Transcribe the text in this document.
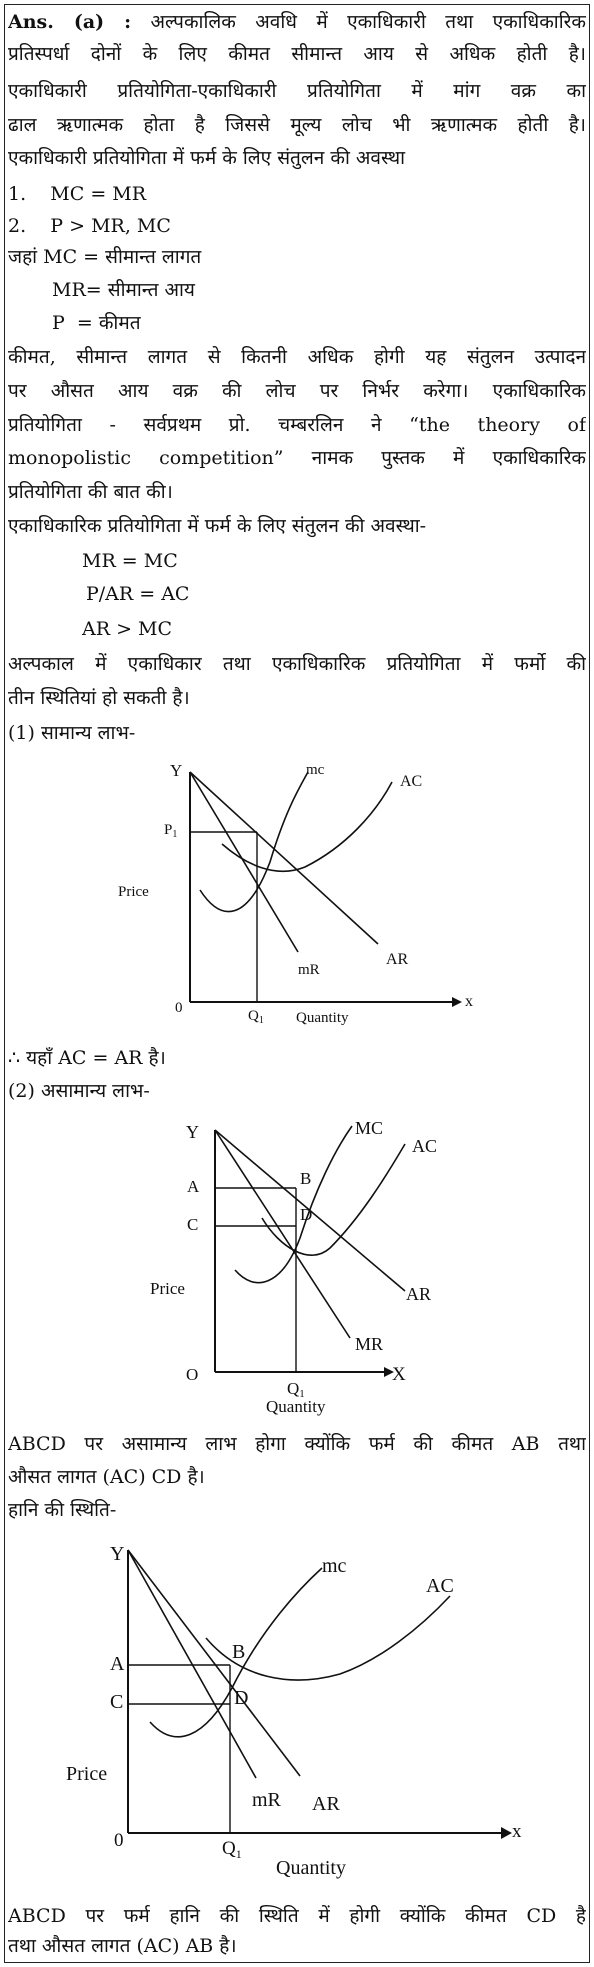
Ans. (a) : अल्पकालिक अवधि में एकाधिकारी तथा एकाधिकारिक
प्रतिस्पर्धा दोनों के लिए कीमत सीमान्त आय से अधिक होती है।
एकाधिकारी प्रतियोगिता-एकाधिकारी प्रतियोगिता में मांग वक्र का
ढाल ऋणात्मक होता है जिससे मूल्य लोच भी ऋणात्मक होती है।
एकाधिकारी प्रतियोगिता में फर्म के लिए संतुलन की अवस्था
1.    MC = MR
2.    P > MR, MC
जहां MC = सीमान्त लागत
MR= सीमान्त आय
P  = कीमत
कीमत, सीमान्त लागत से कितनी अधिक होगी यह संतुलन उत्पादन
पर औसत आय वक्र की लोच पर निर्भर करेगा। एकाधिकारिक
प्रतियोगिता - सर्वप्रथम प्रो. चम्बरलिन ने “the theory of
monopolistic competition” नामक पुस्तक में एकाधिकारिक
प्रतियोगिता की बात की।
एकाधिकारिक प्रतियोगिता में फर्म के लिए संतुलन की अवस्था-
MR = MC
P/AR = AC
AR > MC
अल्पकाल में एकाधिकार तथा एकाधिकारिक प्रतियोगिता में फर्मो की
तीन स्थितियां हो सकती है।
(1) सामान्य लाभ-
Y
x
0
$P_1$
$Q_1$
Price
Quantity
mc
AC
mR
AR
∴ यहाँ AC = AR है।
(2) असामान्य लाभ-
Y
X
O
A	B
C
D
Q1
Price
Quantity
MC
AC
AR
MR
ABCD पर असामान्य लाभ होगा क्योंकि फर्म की कीमत AB तथा
औसत लागत (AC) CD है।
हानि की स्थिति-
Y
x
0
A
B
C	D
$Q_1$
Price
Quantity
mc
AC
mR AR
ABCD पर फर्म हानि की स्थिति में होगी क्योंकि कीमत CD है
तथा औसत लागत (AC) AB है।
